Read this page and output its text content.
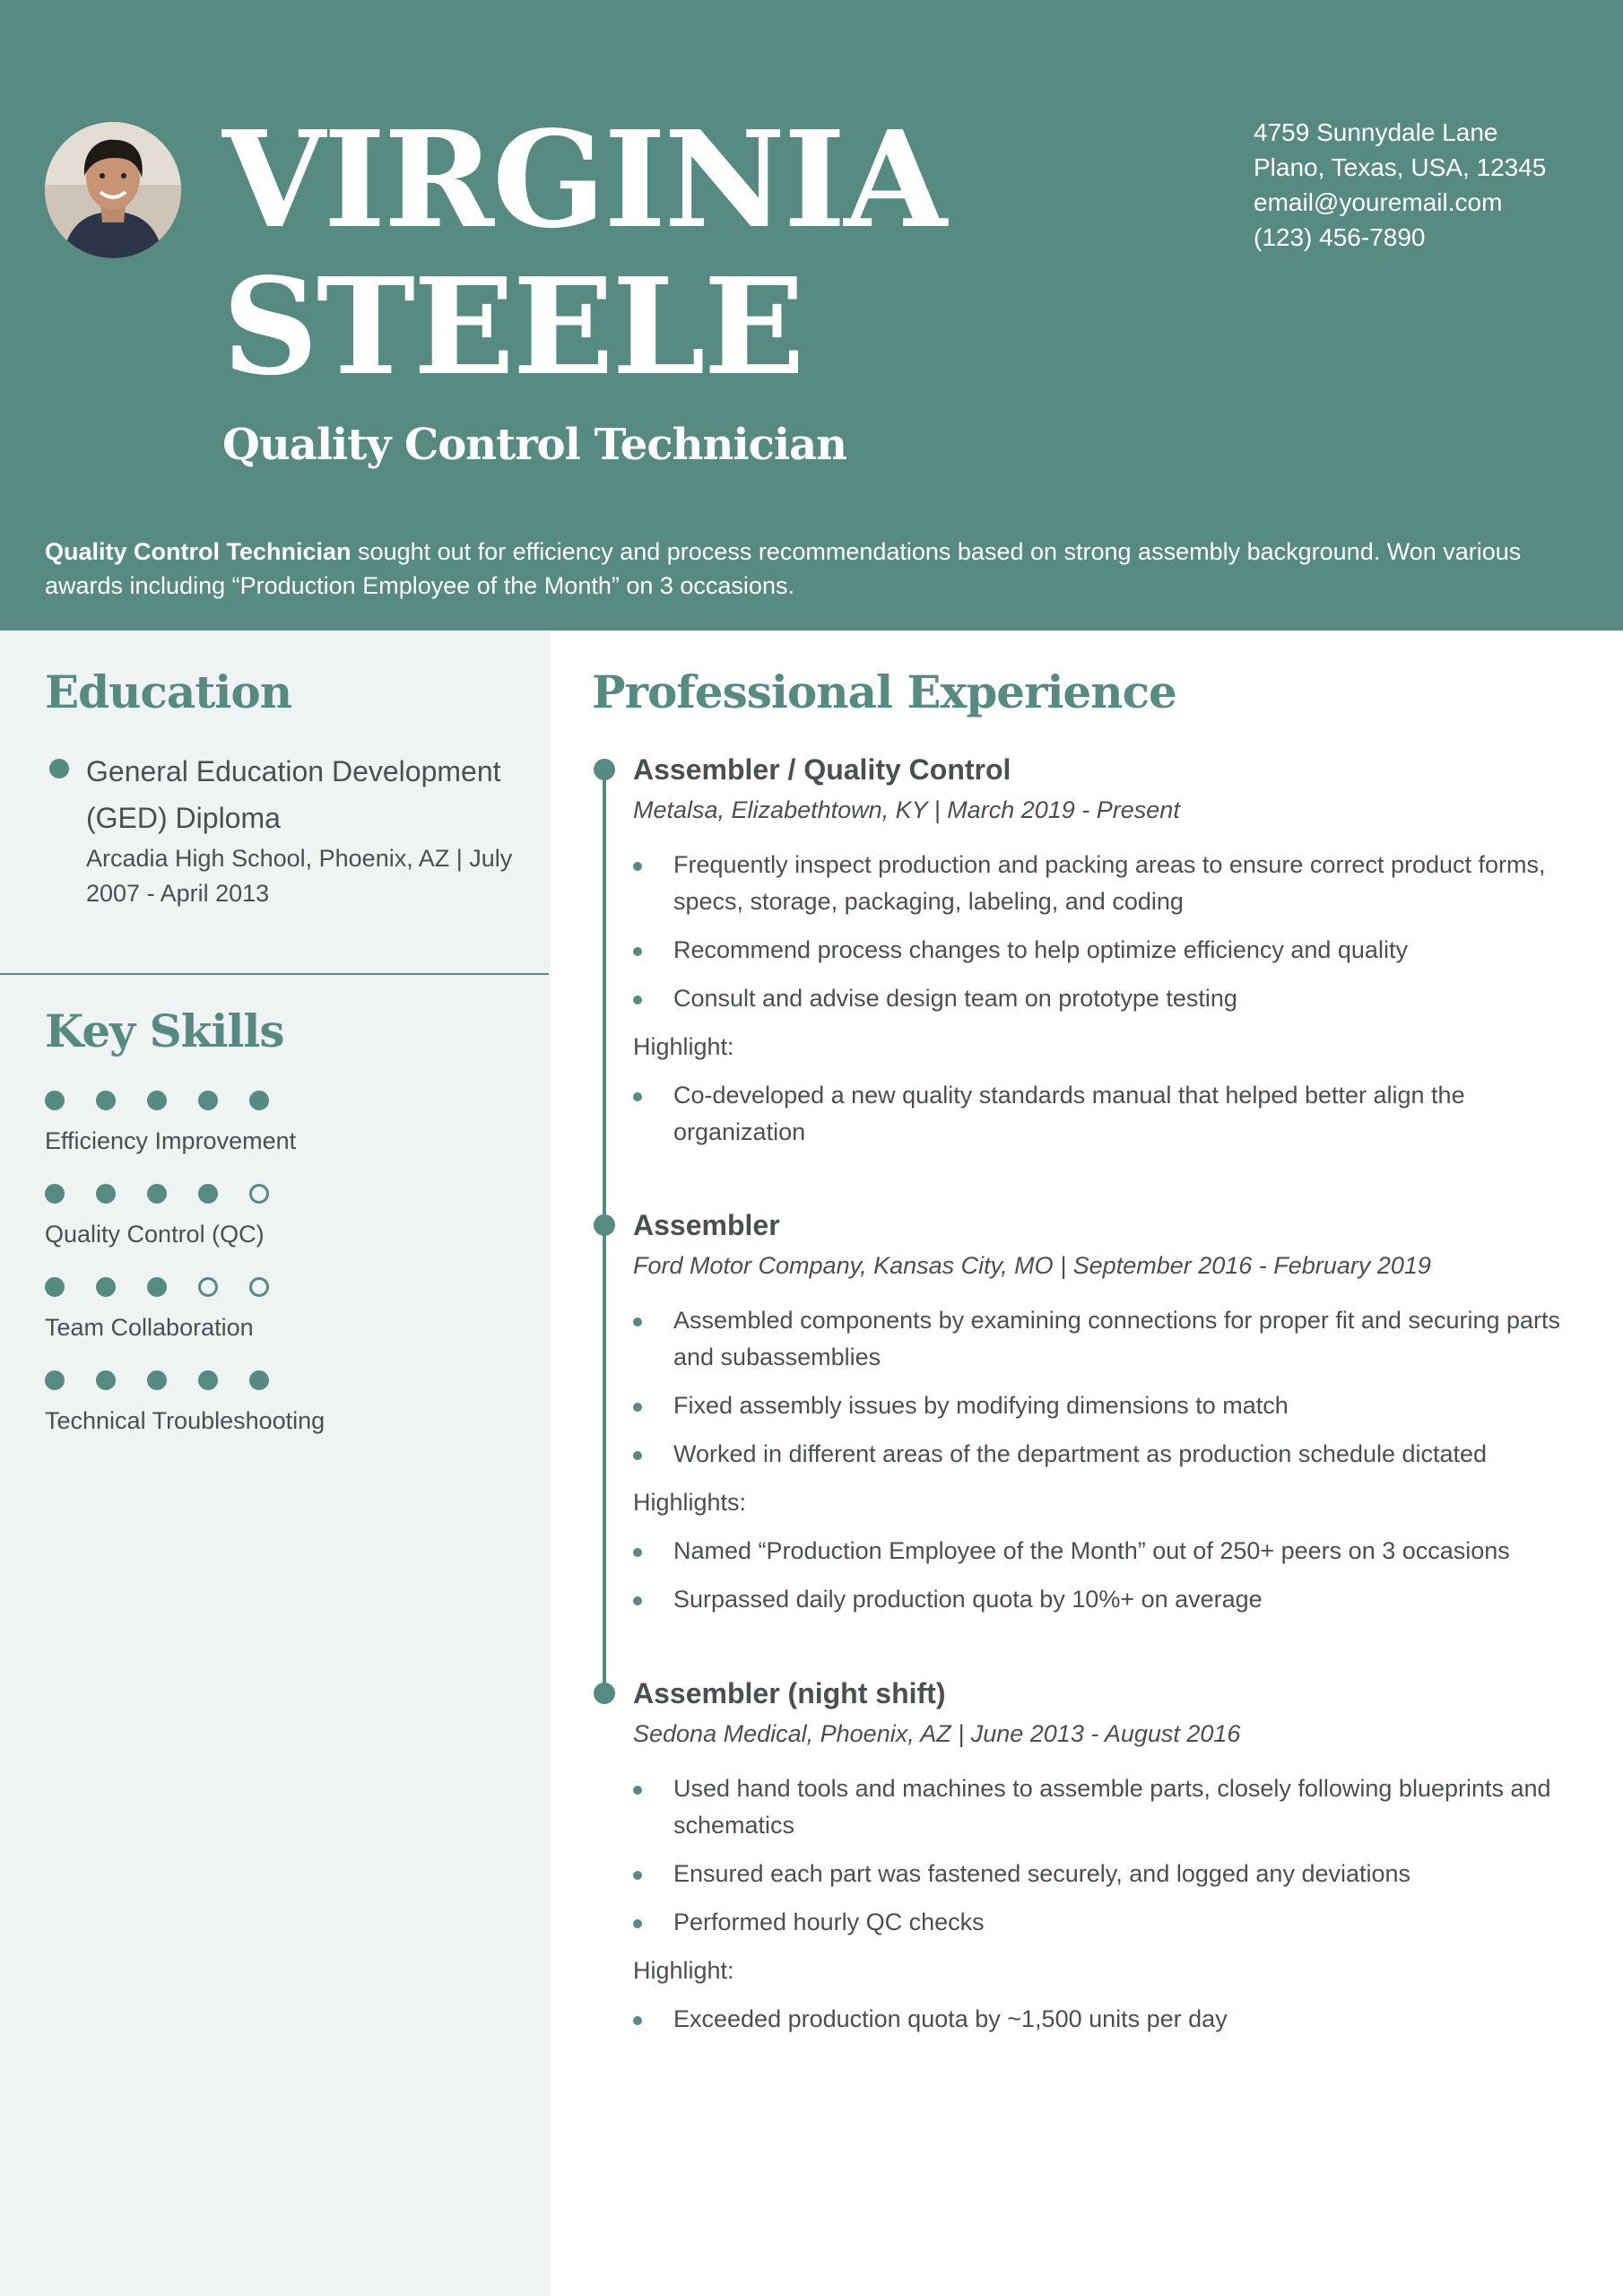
VIRGINIA
STEELE
Quality Control Technician
4759 Sunnydale Lane
Plano, Texas, USA, 12345
email@youremail.com
(123) 456-7890
Quality Control Technician sought out for efficiency and process recommendations based on strong assembly background. Won various awards including “Production Employee of the Month” on 3 occasions.
Education
General Education Development (GED) Diploma
Arcadia High School, Phoenix, AZ | July 2007 - April 2013
Key Skills
Efficiency Improvement
Quality Control (QC)
Team Collaboration
Technical Troubleshooting
Professional Experience
Assembler / Quality Control
Metalsa, Elizabethtown, KY | March 2019 - Present
Frequently inspect production and packing areas to ensure correct product forms, specs, storage, packaging, labeling, and coding
Recommend process changes to help optimize efficiency and quality
Consult and advise design team on prototype testing
Highlight:
Co-developed a new quality standards manual that helped better align the organization
Assembler
Ford Motor Company, Kansas City, MO | September 2016 - February 2019
Assembled components by examining connections for proper fit and securing parts and subassemblies
Fixed assembly issues by modifying dimensions to match
Worked in different areas of the department as production schedule dictated
Highlights:
Named “Production Employee of the Month” out of 250+ peers on 3 occasions
Surpassed daily production quota by 10%+ on average
Assembler (night shift)
Sedona Medical, Phoenix, AZ | June 2013 - August 2016
Used hand tools and machines to assemble parts, closely following blueprints and schematics
Ensured each part was fastened securely, and logged any deviations
Performed hourly QC checks
Highlight:
Exceeded production quota by ~1,500 units per day
